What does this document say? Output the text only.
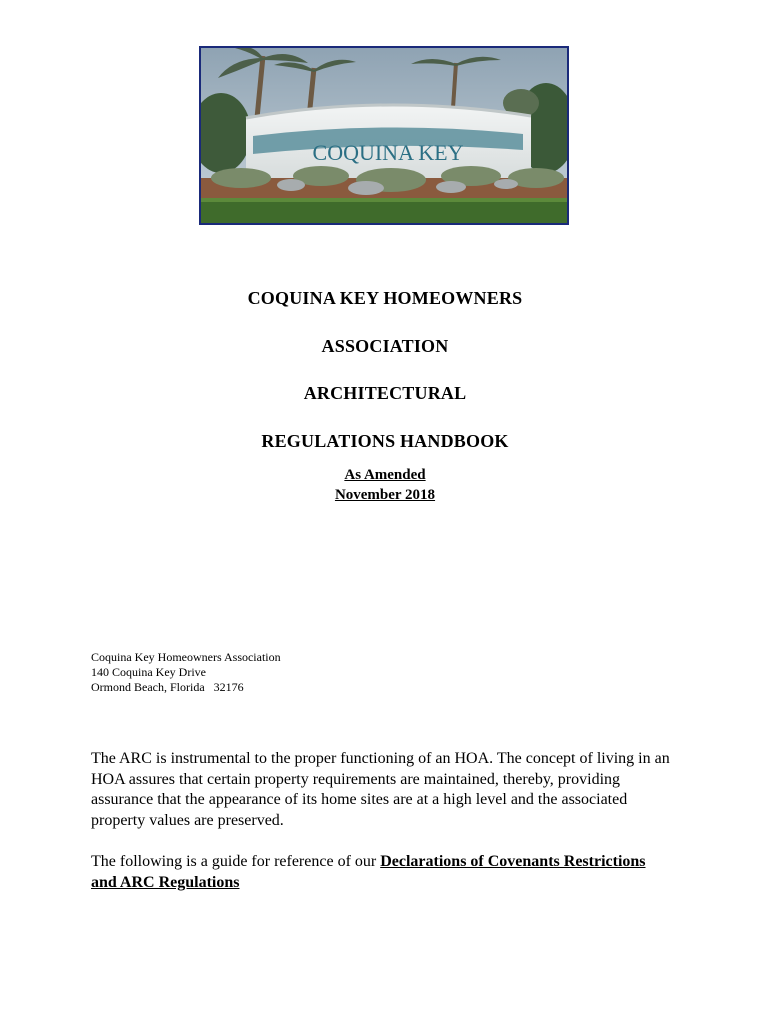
COQUINA KEY
COQUINA KEY HOMEOWNERS
ASSOCIATION
ARCHITECTURAL
REGULATIONS HANDBOOK
As Amended
November 2018
Coquina Key Homeowners Association
140 Coquina Key Drive
Ormond Beach, Florida   32176
The ARC is instrumental to the proper functioning of an HOA. The concept of living in an HOA assures that certain property requirements are maintained, thereby, providing assurance that the appearance of its home sites are at a high level and the associated property values are preserved.
The following is a guide for reference of our Declarations of Covenants Restrictions and ARC Regulations
